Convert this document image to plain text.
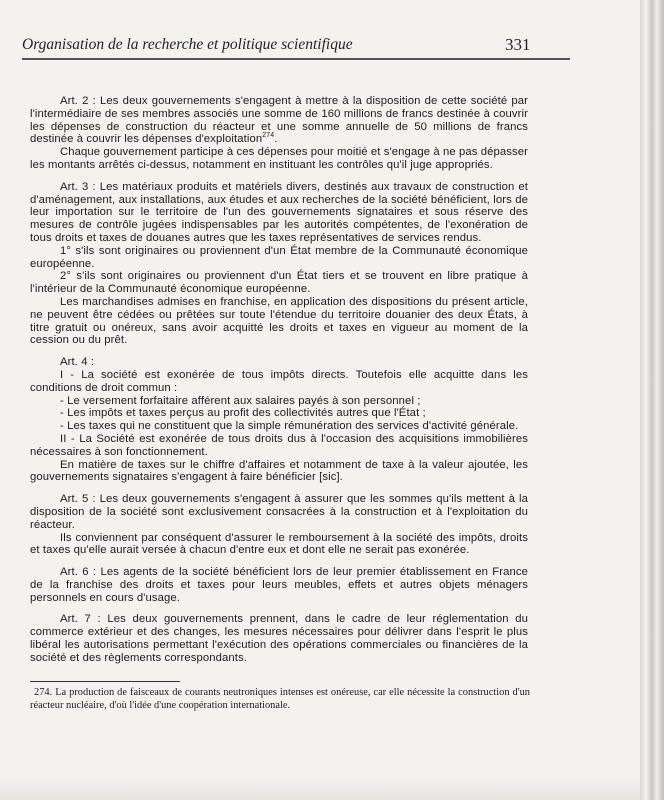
Organisation de la recherche et politique scientifique	331

Art. 2 : Les deux gouvernements s'engagent à mettre à la disposition de cette société par l'intermédiaire de ses membres associés une somme de 160 millions de francs destinée à couvrir les dépenses de construction du réacteur et une somme annuelle de 50 millions de francs destinée à couvrir les dépenses d'exploitation$^{274}$.

Chaque gouvernement participe à ces dépenses pour moitié et s'engage à ne pas dépasser les montants arrêtés ci-dessus, notamment en instituant les contrôles qu'il juge appropriés.

Art. 3 : Les matériaux produits et matériels divers, destinés aux travaux de construction et d'aménagement, aux installations, aux études et aux recherches de la société bénéficient, lors de leur importation sur le territoire de l'un des gouvernements signataires et sous réserve des mesures de contrôle jugées indispensables par les autorités compétentes, de l'exonération de tous droits et taxes de douanes autres que les taxes représentatives de services rendus.

1° s'ils sont originaires ou proviennent d'un État membre de la Communauté économique européenne.

2° s'ils sont originaires ou proviennent d'un État tiers et se trouvent en libre pratique à l'intérieur de la Communauté économique européenne.

Les marchandises admises en franchise, en application des dispositions du présent article, ne peuvent être cédées ou prêtées sur toute l'étendue du territoire douanier des deux États, à titre gratuit ou onéreux, sans avoir acquitté les droits et taxes en vigueur au moment de la cession ou du prêt.

Art. 4 :

I - La société est exonérée de tous impôts directs. Toutefois elle acquitte dans les conditions de droit commun :

- Le versement forfaitaire afférent aux salaires payés à son personnel ;

- Les impôts et taxes perçus au profit des collectivités autres que l'État ;

- Les taxes qui ne constituent que la simple rémunération des services d'activité générale.

II - La Société est exonérée de tous droits dus à l'occasion des acquisitions immobilières nécessaires à son fonctionnement.

En matière de taxes sur le chiffre d'affaires et notamment de taxe à la valeur ajoutée, les gouvernements signataires s'engagent à faire bénéficier [sic].

Art. 5 : Les deux gouvernements s'engagent à assurer que les sommes qu'ils mettent à la disposition de la société sont exclusivement consacrées à la construction et à l'exploitation du réacteur.

Ils conviennent par conséquent d'assurer le remboursement à la société des impôts, droits et taxes qu'elle aurait versée à chacun d'entre eux et dont elle ne serait pas exonérée.

Art. 6 : Les agents de la société bénéficient lors de leur premier établissement en France de la franchise des droits et taxes pour leurs meubles, effets et autres objets ménagers personnels en cours d'usage.

Art. 7 : Les deux gouvernements prennent, dans le cadre de leur réglementation du commerce extérieur et des changes, les mesures nécessaires pour délivrer dans l'esprit le plus libéral les autorisations permettant l'exécution des opérations commerciales ou financières de la société et des règlements correspondants.

274. La production de faisceaux de courants neutroniques intenses est onéreuse, car elle nécessite la construction d'un réacteur nucléaire, d'où l'idée d'une coopération internationale.
